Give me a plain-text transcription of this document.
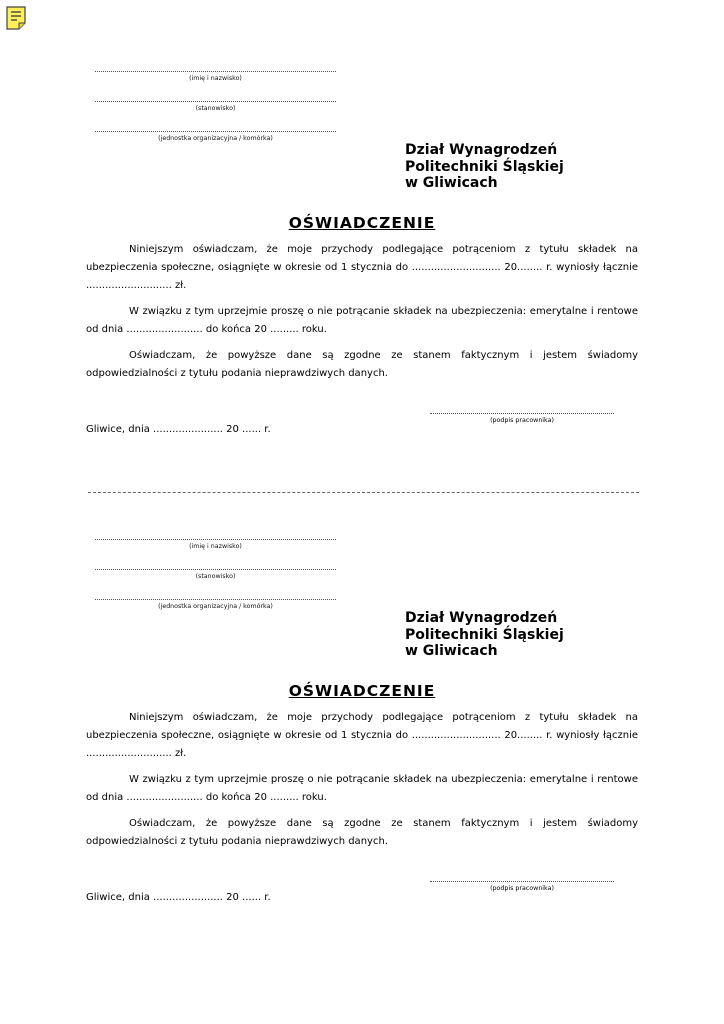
(imię i nazwisko)
(stanowisko)
(jednostka organizacyjna / komórka)
Dział Wynagrodzeń
Politechniki Śląskiej
w Gliwicach
OŚWIADCZENIE
Niniejszym oświadczam, że moje przychody podlegające potrąceniom z tytułu składek na ubezpieczenia społeczne, osiągnięte w okresie od 1 stycznia do ............................ 20........ r. wyniosły łącznie ........................... zł.
W związku z tym uprzejmie proszę o nie potrącanie składek na ubezpieczenia: emerytalne i rentowe od dnia ........................ do końca 20 ......... roku.
Oświadczam, że powyższe dane są zgodne ze stanem faktycznym i jestem świadomy odpowiedzialności z tytułu podania nieprawdziwych danych.
(podpis pracownika)
Gliwice, dnia ...................... 20 ...... r.
(imię i nazwisko)
(stanowisko)
(jednostka organizacyjna / komórka)
Dział Wynagrodzeń
Politechniki Śląskiej
w Gliwicach
OŚWIADCZENIE
Niniejszym oświadczam, że moje przychody podlegające potrąceniom z tytułu składek na ubezpieczenia społeczne, osiągnięte w okresie od 1 stycznia do ............................ 20........ r. wyniosły łącznie ........................... zł.
W związku z tym uprzejmie proszę o nie potrącanie składek na ubezpieczenia: emerytalne i rentowe od dnia ........................ do końca 20 ......... roku.
Oświadczam, że powyższe dane są zgodne ze stanem faktycznym i jestem świadomy odpowiedzialności z tytułu podania nieprawdziwych danych.
(podpis pracownika)
Gliwice, dnia ...................... 20 ...... r.
